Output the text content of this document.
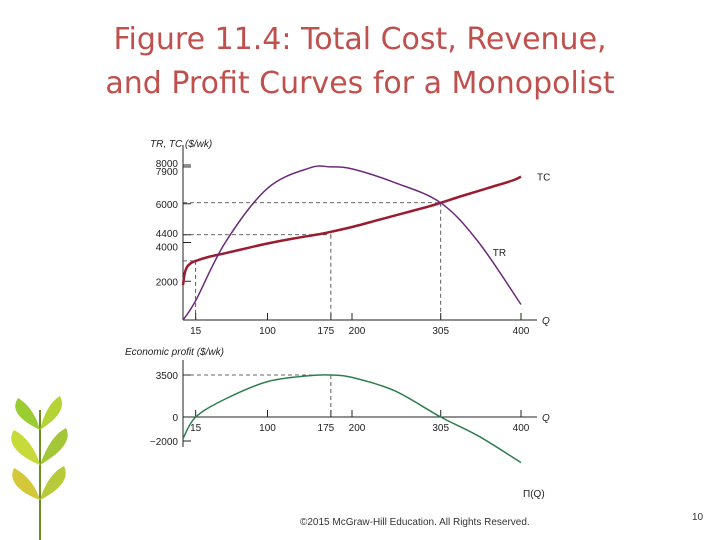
Figure 11.4: Total Cost, Revenue,
and Profit Curves for a Monopolist
TR, TC ($/wk)
Q
2000
4000
4400
6000
7900
8000
15	100	175 200	305	400
TC
TR
Economic profit ($/wk)
Q
−2000
0
3500
15	100	175 200	305	400
Π(Q)
©2015 McGraw-Hill Education. All Rights Reserved.	10
